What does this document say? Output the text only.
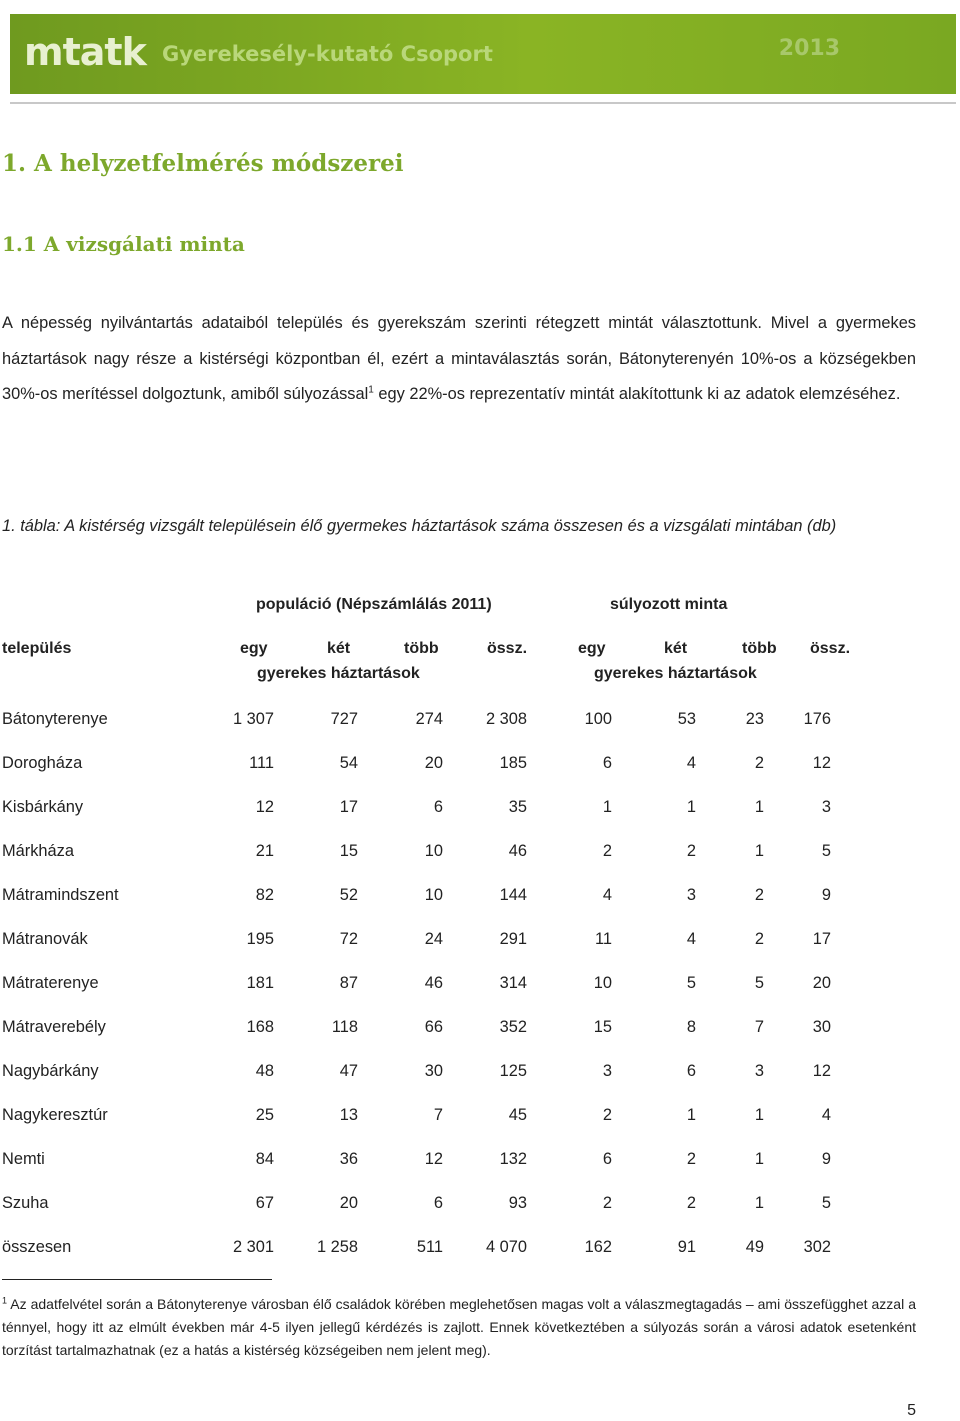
mtatk Gyerekesély-kutató Csoport	2013
1. A helyzetfelmérés módszerei
1.1 A vizsgálati minta

A népesség nyilvántartás adataiból település és gyerekszám szerinti rétegzett mintát választottunk. Mivel a gyermekes háztartások nagy része a kistérségi központban él, ezért a mintaválasztás során, Bátonyterenyén 10%-os a községekben 30%-os merítéssel dolgoztunk, amiből súlyozással$^1$ egy 22%-os reprezentatív mintát alakítottunk ki az adatok elemzéséhez.

1. tábla: A kistérség vizsgált településein élő gyermekes háztartások száma összesen és a vizsgálati mintában (db)

populáció (Népszámlálás 2011)	súlyozott minta
település	egy	két	több	össz.	egy	két	több össz.
gyerekes háztartások	gyerekes háztartások
Bátonyterenye	1 307	727	274	2 308	100	53	23	176
Dorogháza	111	54	20	185	6	4	2	12
Kisbárkány	12	17	6	35	1	1	1	3
Márkháza	21	15	10	46	2	2	1	5
Mátramindszent	82	52	10	144	4	3	2	9
Mátranovák	195	72	24	291	11	4	2	17
Mátraterenye	181	87	46	314	10	5	5	20
Mátraverebély	168	118	66	352	15	8	7	30
Nagybárkány	48	47	30	125	3	6	3	12
Nagykeresztúr	25	13	7	45	2	1	1	4
Nemti	84	36	12	132	6	2	1	9
Szuha	67	20	6	93	2	2	1	5
összesen	2 301	1 258	511	4 070	162	91	49	302

$^1$ Az adatfelvétel során a Bátonyterenye városban élő családok körében meglehetősen magas volt a válaszmegtagadás – ami összefügghet azzal a ténnyel, hogy itt az elmúlt években már 4-5 ilyen jellegű kérdézés is zajlott. Ennek következtében a súlyozás során a városi adatok esetenként torzítást tartalmazhatnak (ez a hatás a kistérség községeiben nem jelent meg).

5
